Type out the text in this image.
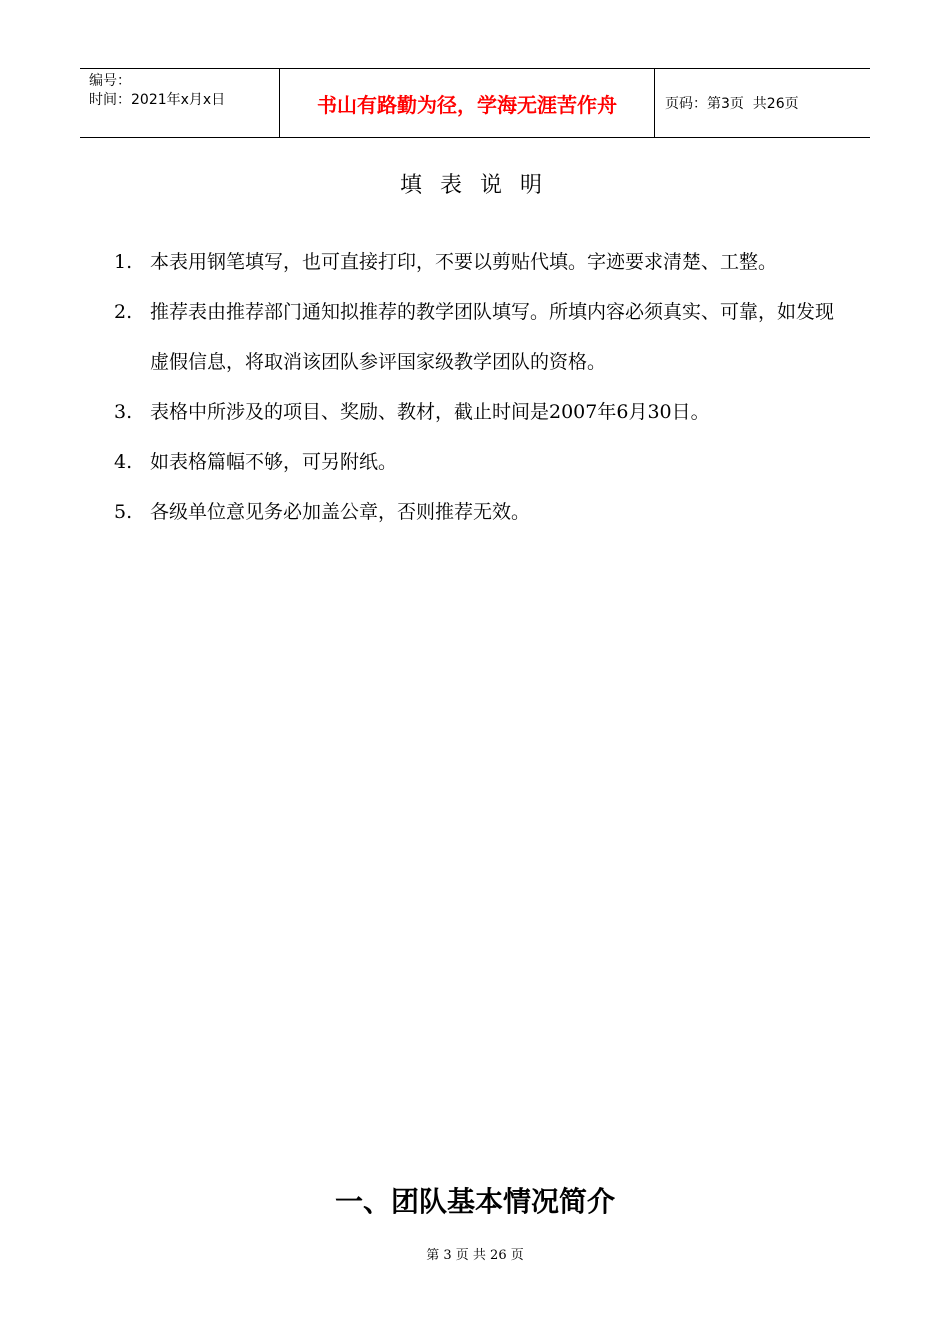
编号：
时间：2021年x月x日	书山有路勤为径，学海无涯苦作舟	页码：第3页  共26页
填表说明
1. 本表用钢笔填写，也可直接打印，不要以剪贴代填。字迹要求清楚、工整。
2. 推荐表由推荐部门通知拟推荐的教学团队填写。所填内容必须真实、可靠，如发现虚假信息，将取消该团队参评国家级教学团队的资格。
3. 表格中所涉及的项目、奖励、教材，截止时间是2007年6月30日。
4. 如表格篇幅不够，可另附纸。
5. 各级单位意见务必加盖公章，否则推荐无效。
一、团队基本情况简介
第 3 页 共 26 页
